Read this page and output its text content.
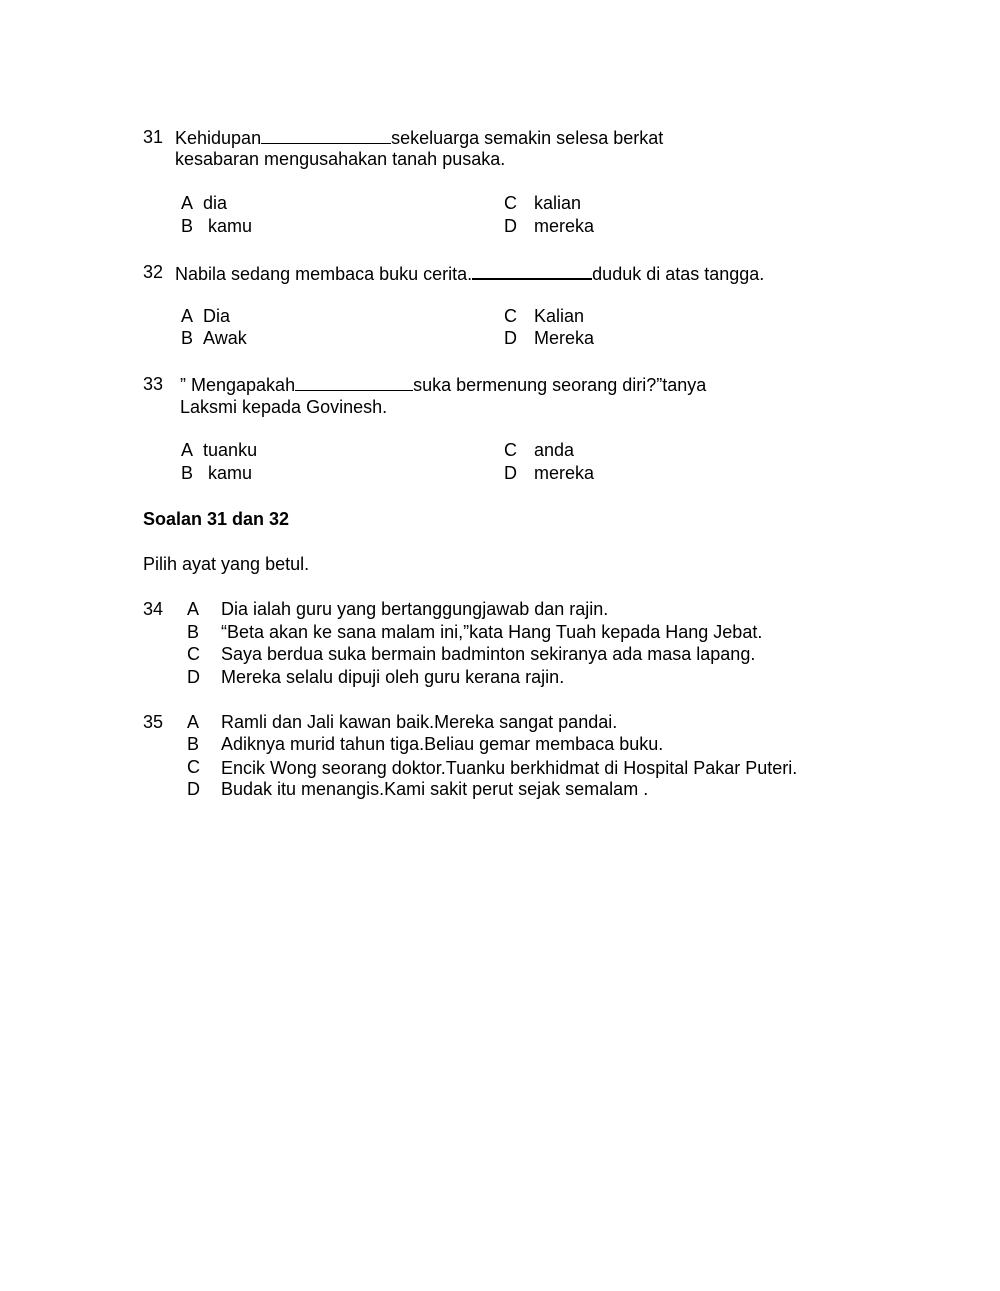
31 Kehidupan	sekeluarga semakin selesa berkat
kesabaran mengusahakan tanah pusaka.
A dia
B kamu
C kalian
D mereka
32 Nabila sedang membaca buku cerita.	duduk di atas tangga.
A Dia
B Awak
C Kalian
D Mereka
33 ” Mengapakah	suka bermenung seorang diri?”tanya
Laksmi kepada Govinesh.
A tuanku
B kamu
C anda
D mereka
Soalan 31 dan 32
Pilih ayat yang betul.
34 A Dia ialah guru yang bertanggungjawab dan rajin.
B “Beta akan ke sana malam ini,”kata Hang Tuah kepada Hang Jebat.
C Saya berdua suka bermain badminton sekiranya ada masa lapang.
D Mereka selalu dipuji oleh guru kerana rajin.
35 A Ramli dan Jali kawan baik.Mereka sangat pandai.
B Adiknya murid tahun tiga.Beliau gemar membaca buku.
C Encik Wong seorang doktor.Tuanku berkhidmat di Hospital Pakar Puteri.
D Budak itu menangis.Kami sakit perut sejak semalam .
